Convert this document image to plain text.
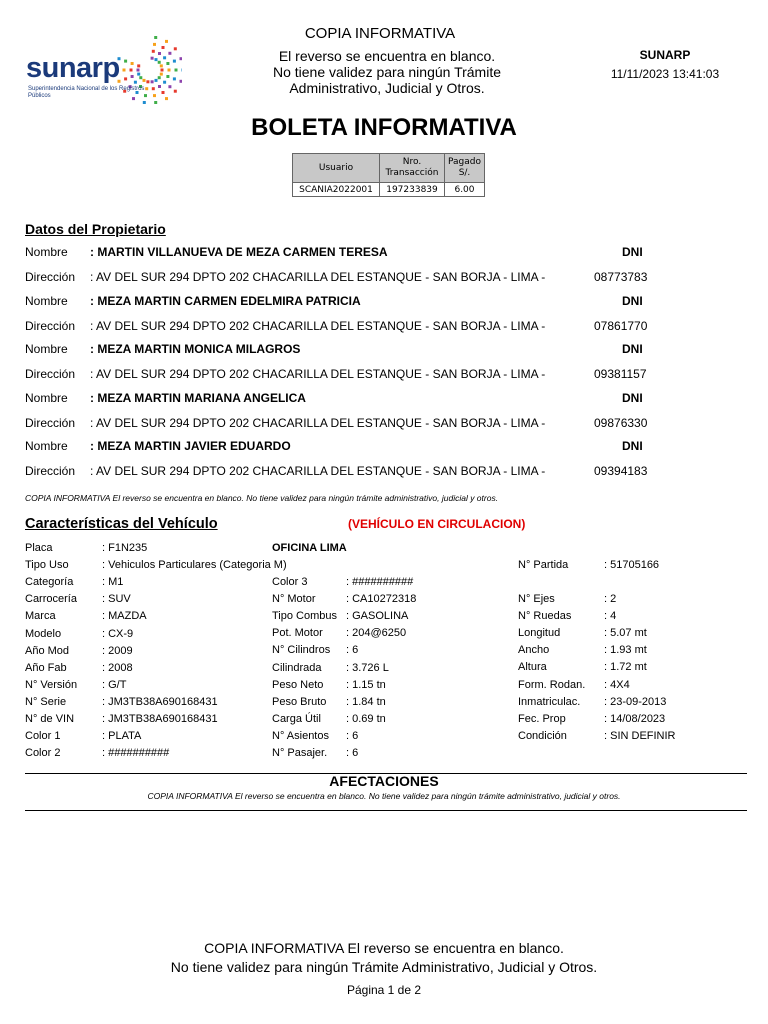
sunarp
Superintendencia Nacional de los Registros Públicos
COPIA INFORMATIVA
El reverso se encuentra en blanco.
No tiene validez para ningún Trámite
Administrativo, Judicial y Otros.
SUNARP
11/11/2023 13:41:03
BOLETA INFORMATIVA
Usuario	Nro.
Transacción	Pagado
S/.
SCANIA2022001	197233839	6.00
Datos del Propietario
Nombre : MARTIN VILLANUEVA DE MEZA CARMEN TERESA	DNI
Dirección : AV DEL SUR 294 DPTO 202 CHACARILLA DEL ESTANQUE - SAN BORJA - LIMA -	08773783
Nombre : MEZA MARTIN CARMEN EDELMIRA PATRICIA	DNI
Dirección : AV DEL SUR 294 DPTO 202 CHACARILLA DEL ESTANQUE - SAN BORJA - LIMA -	07861770
Nombre : MEZA MARTIN MONICA MILAGROS	DNI
Dirección : AV DEL SUR 294 DPTO 202 CHACARILLA DEL ESTANQUE - SAN BORJA - LIMA -	09381157
Nombre : MEZA MARTIN MARIANA ANGELICA	DNI
Dirección : AV DEL SUR 294 DPTO 202 CHACARILLA DEL ESTANQUE - SAN BORJA - LIMA -	09876330
Nombre : MEZA MARTIN JAVIER EDUARDO	DNI
Dirección : AV DEL SUR 294 DPTO 202 CHACARILLA DEL ESTANQUE - SAN BORJA - LIMA -	09394183
COPIA INFORMATIVA El reverso se encuentra en blanco. No tiene validez para ningún trámite administrativo, judicial y otros.
Características del Vehículo	(VEHÍCULO EN CIRCULACION)
OFICINA LIMA
Placa	: F1N235
Tipo Uso	: Vehiculos Particulares (Categoria M)
Categoría	: M1
Carrocería : SUV
Marca	: MAZDA
Modelo	: CX-9
Año Mod	: 2009
Año Fab	: 2008
N° Versión : G/T
N° Serie	: JM3TB38A690168431
N° de VIN	: JM3TB38A690168431
Color 1	: PLATA
Color 2	: ##########
Color 3	: ##########
N° Motor	: CA10272318
Tipo Combus : GASOLINA
Pot. Motor : 204@6250
N° Cilindros : 6
Cilindrada : 3.726 L
Peso Neto : 1.15 tn
Peso Bruto : 1.84 tn
Carga Útil : 0.69 tn
N° Asientos : 6
N° Pasajer. : 6
N° Partida	: 51705166
N° Ejes	: 2
N° Ruedas	: 4
Longitud	: 5.07 mt
Ancho	: 1.93 mt
Altura	: 1.72 mt
Form. Rodan. : 4X4
Inmatriculac. : 23-09-2013
Fec. Prop	: 14/08/2023
Condición	: SIN DEFINIR
AFECTACIONES
COPIA INFORMATIVA El reverso se encuentra en blanco. No tiene validez para ningún trámite administrativo, judicial y otros.
COPIA INFORMATIVA El reverso se encuentra en blanco.
No tiene validez para ningún Trámite Administrativo, Judicial y Otros.
Página 1 de 2
